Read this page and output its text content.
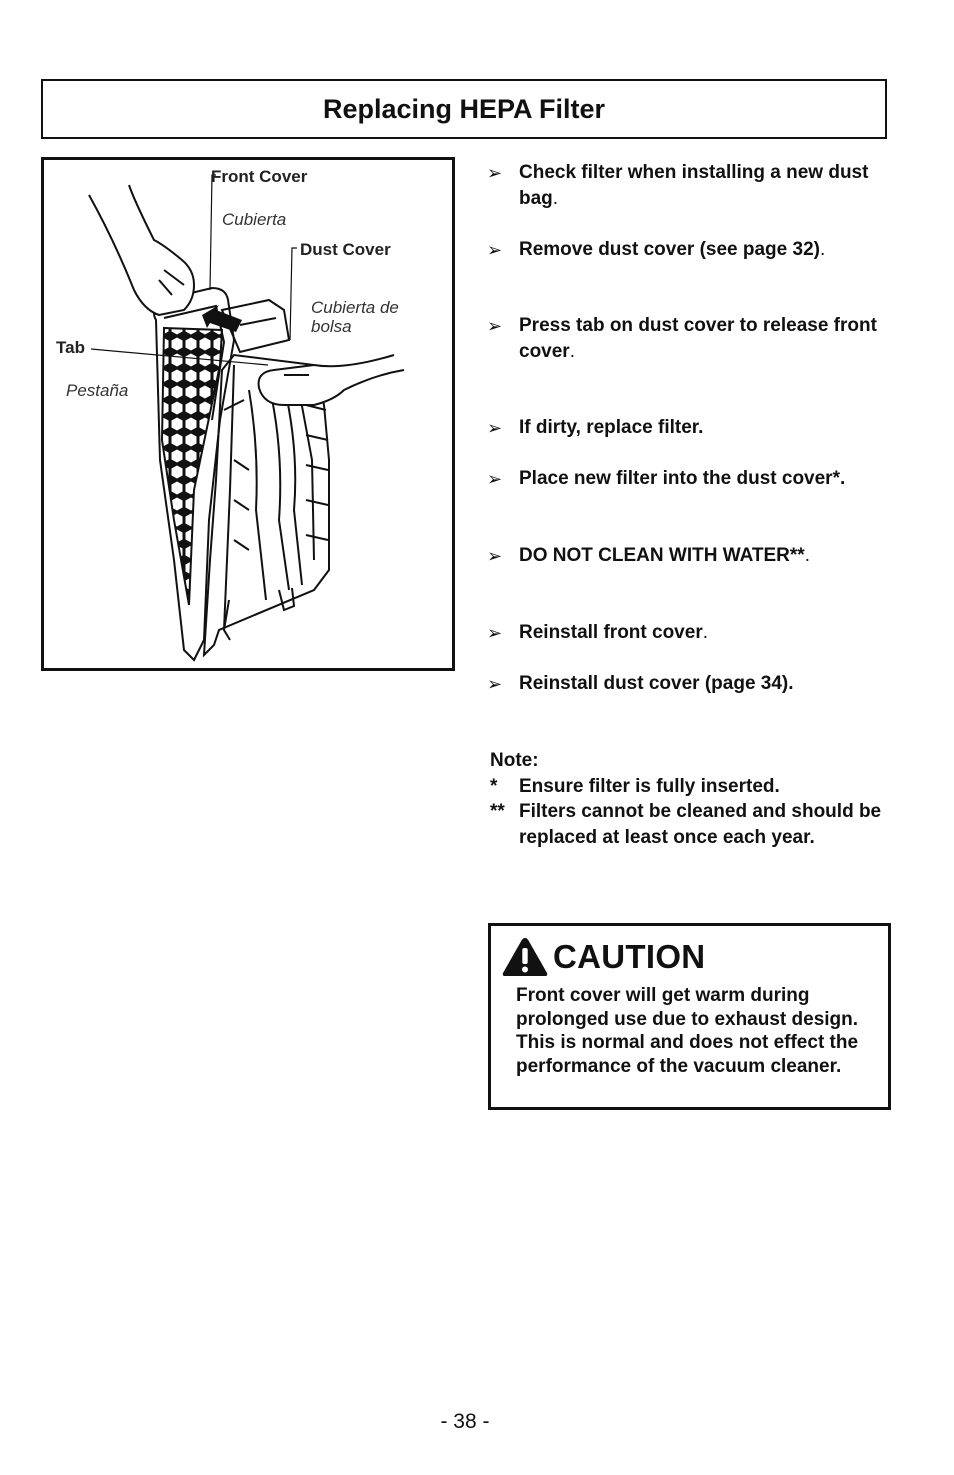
Replacing HEPA Filter
Front Cover
Cubierta
Dust Cover
Cubierta de
bolsa
Tab
Pestaña
➢ Check filter when installing a new dust bag.
➢ Remove dust cover (see page 32).
➢ Press tab on dust cover to release front cover.
➢ If dirty, replace filter.
➢ Place new filter into the dust cover*.
➢ DO NOT CLEAN WITH WATER**.
➢ Reinstall front cover.
➢ Reinstall dust cover (page 34).
Note:
*	Ensure filter is fully inserted.
** Filters cannot be cleaned and should be replaced at least once each year.
CAUTION
Front cover will get warm during prolonged use due to exhaust design. This is normal and does not effect the performance of the vacuum cleaner.
- 38 -
